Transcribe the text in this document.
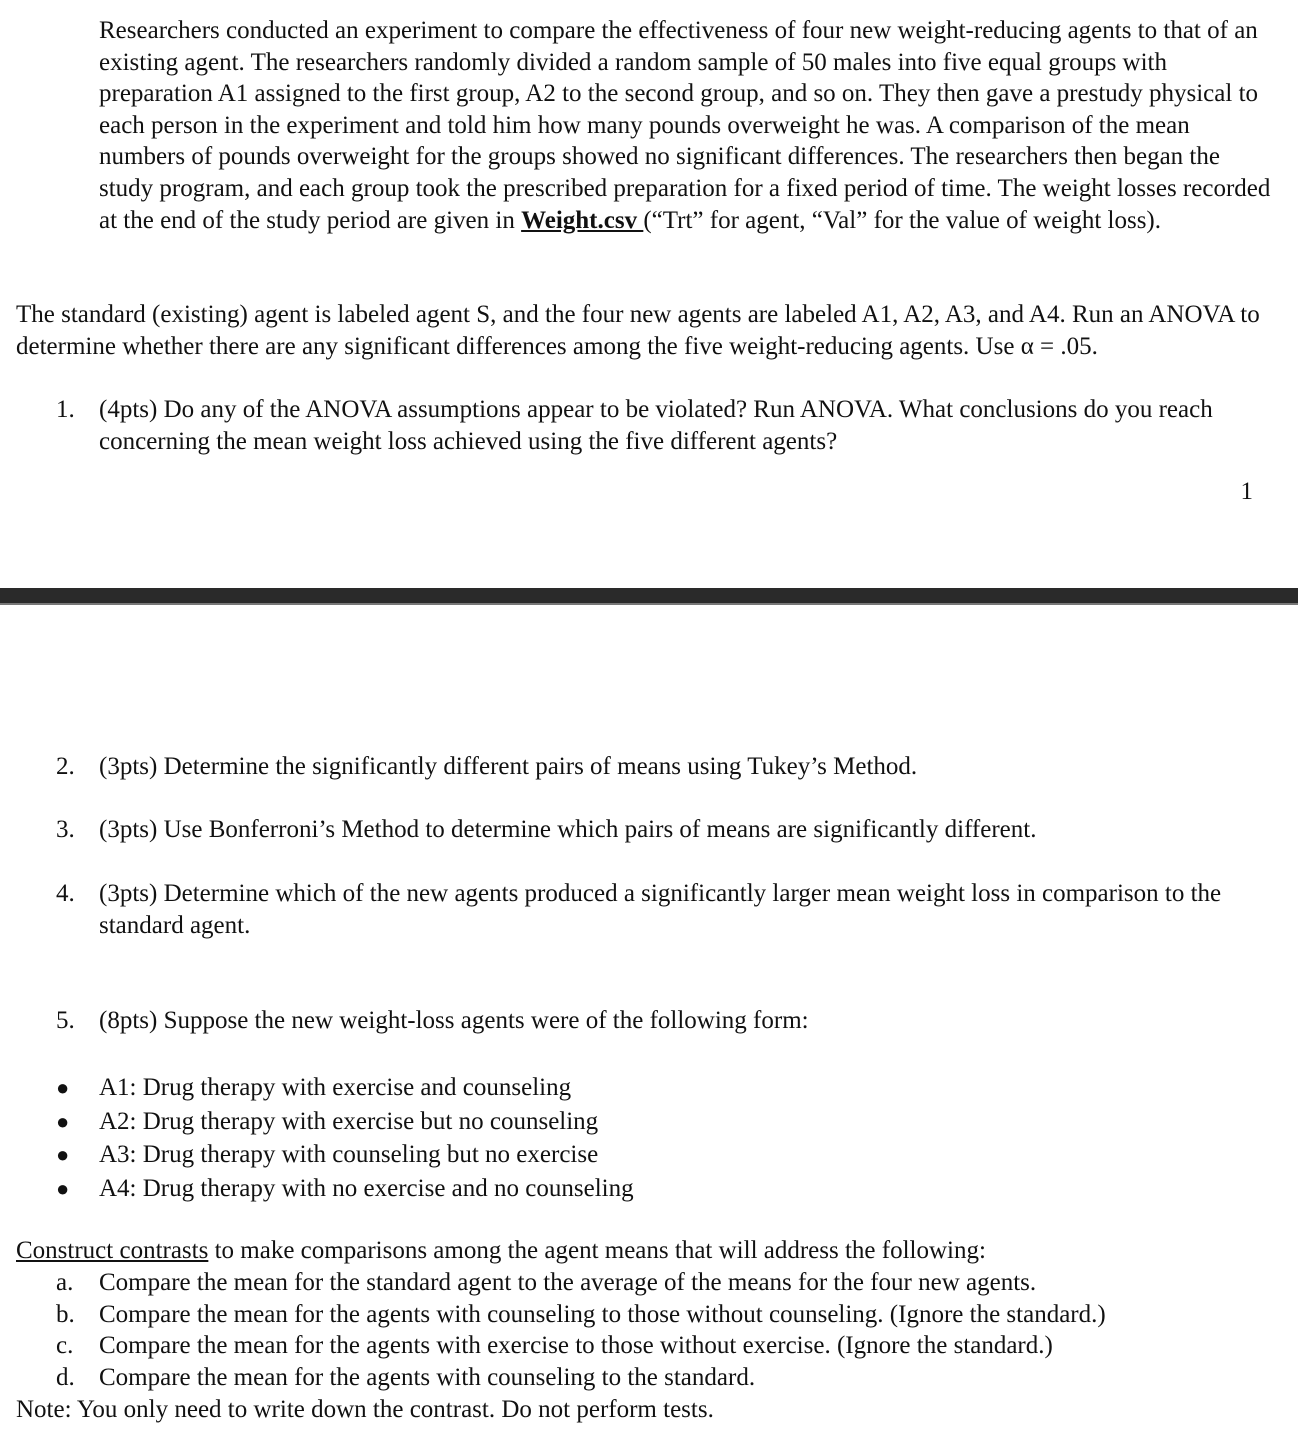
Researchers conducted an experiment to compare the effectiveness of four new weight-reducing agents to that of an existing agent. The researchers randomly divided a random sample of 50 males into five equal groups with preparation A1 assigned to the first group, A2 to the second group, and so on. They then gave a prestudy physical to each person in the experiment and told him how many pounds overweight he was. A comparison of the mean numbers of pounds overweight for the groups showed no significant differences. The researchers then began the study program, and each group took the prescribed preparation for a fixed period of time. The weight losses recorded at the end of the study period are given in Weight.csv (“Trt” for agent, “Val” for the value of weight loss).

The standard (existing) agent is labeled agent S, and the four new agents are labeled A1, A2, A3, and A4. Run an ANOVA to determine whether there are any significant differences among the five weight-reducing agents. Use α = .05.

1. (4pts) Do any of the ANOVA assumptions appear to be violated? Run ANOVA. What conclusions do you reach concerning the mean weight loss achieved using the five different agents?
1
2. (3pts) Determine the significantly different pairs of means using Tukey’s Method.
3. (3pts) Use Bonferroni’s Method to determine which pairs of means are significantly different.
4. (3pts) Determine which of the new agents produced a significantly larger mean weight loss in comparison to the standard agent.
5. (8pts) Suppose the new weight-loss agents were of the following form:
●	A1: Drug therapy with exercise and counseling
●	A2: Drug therapy with exercise but no counseling
●	A3: Drug therapy with counseling but no exercise
●	A4: Drug therapy with no exercise and no counseling

Construct contrasts to make comparisons among the agent means that will address the following:

a.	Compare the mean for the standard agent to the average of the means for the four new agents.
b. Compare the mean for the agents with counseling to those without counseling. (Ignore the standard.)
c.	Compare the mean for the agents with exercise to those without exercise. (Ignore the standard.)
d. Compare the mean for the agents with counseling to the standard.

Note: You only need to write down the contrast. Do not perform tests.
